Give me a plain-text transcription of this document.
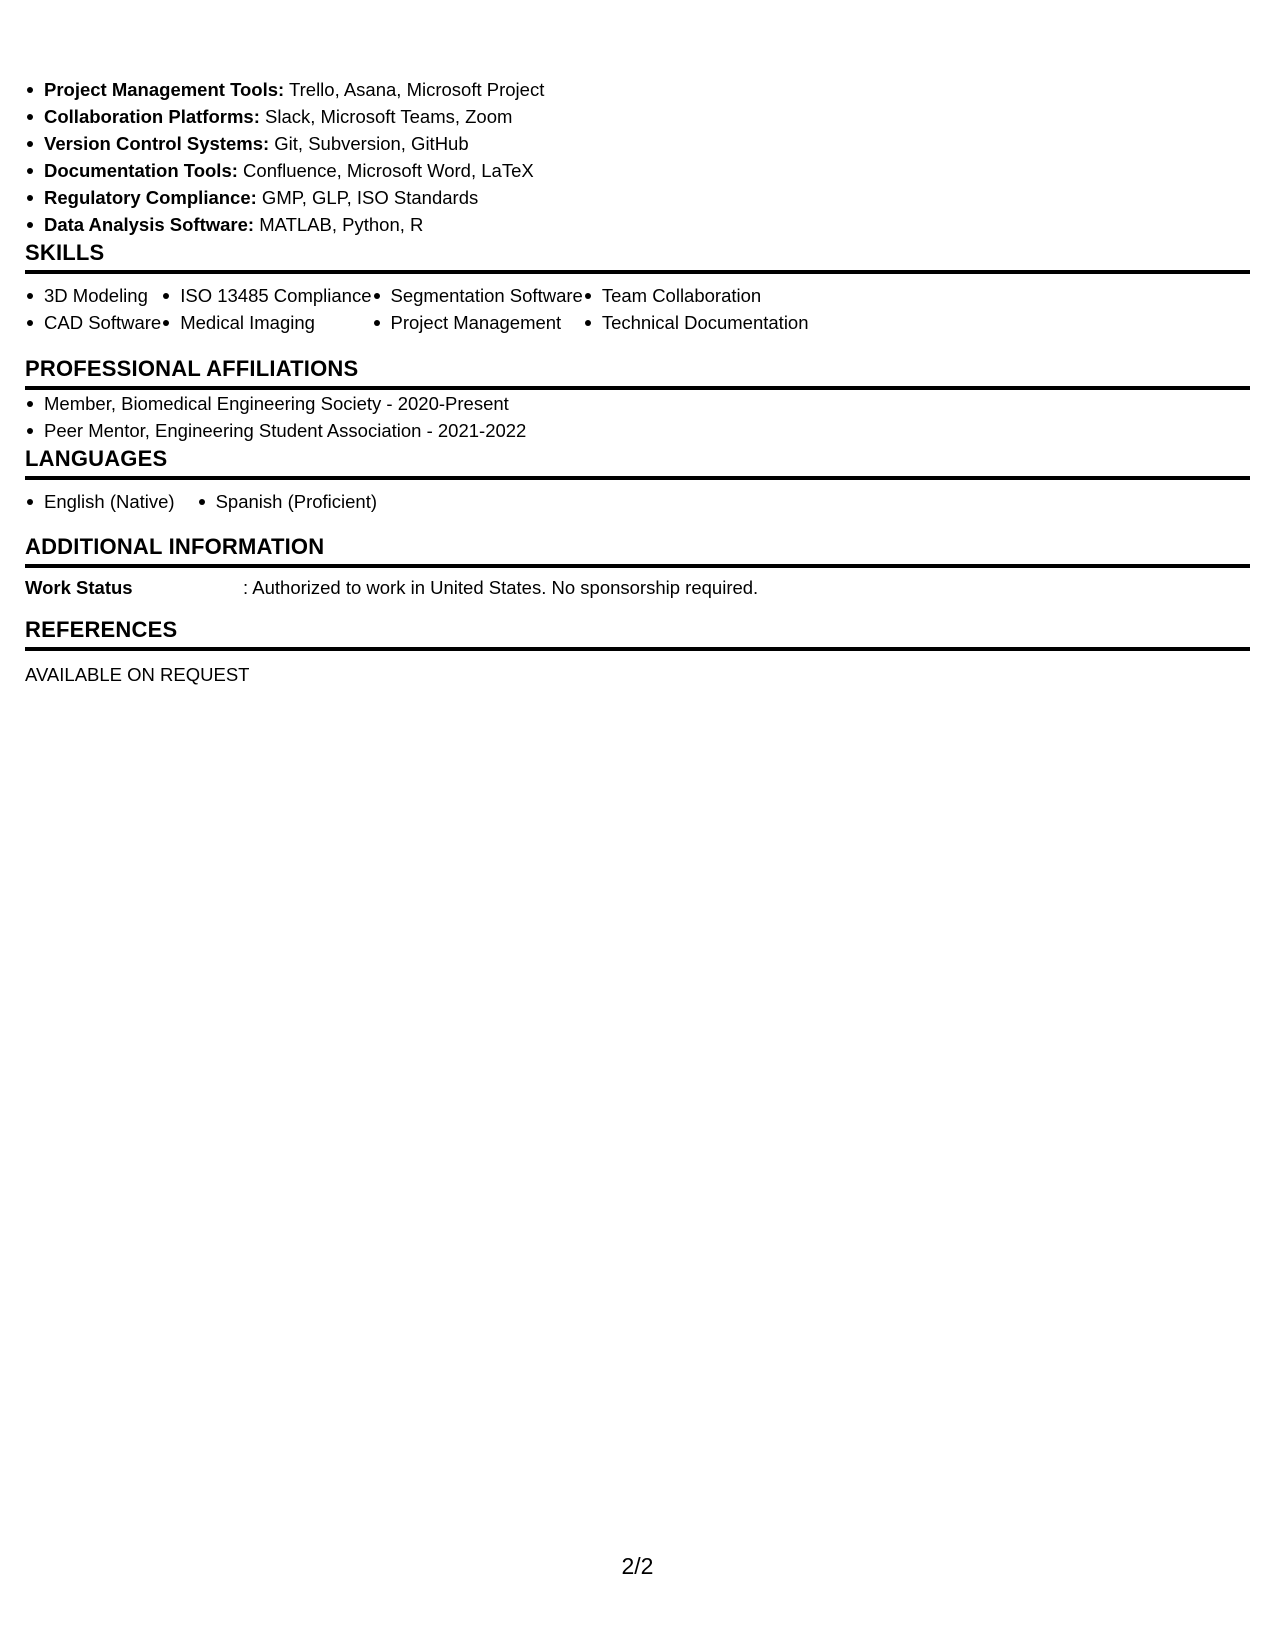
Project Management Tools: Trello, Asana, Microsoft Project
Collaboration Platforms: Slack, Microsoft Teams, Zoom
Version Control Systems: Git, Subversion, GitHub
Documentation Tools: Confluence, Microsoft Word, LaTeX
Regulatory Compliance: GMP, GLP, ISO Standards
Data Analysis Software: MATLAB, Python, R
SKILLS
3D Modeling
CAD Software
ISO 13485 Compliance
Medical Imaging
Segmentation Software
Project Management
Team Collaboration
Technical Documentation
PROFESSIONAL AFFILIATIONS
Member, Biomedical Engineering Society - 2020-Present
Peer Mentor, Engineering Student Association - 2021-2022
LANGUAGES
English (Native)	Spanish (Proficient)
ADDITIONAL INFORMATION
Work Status	: Authorized to work in United States. No sponsorship required.
REFERENCES
AVAILABLE ON REQUEST
2/2
